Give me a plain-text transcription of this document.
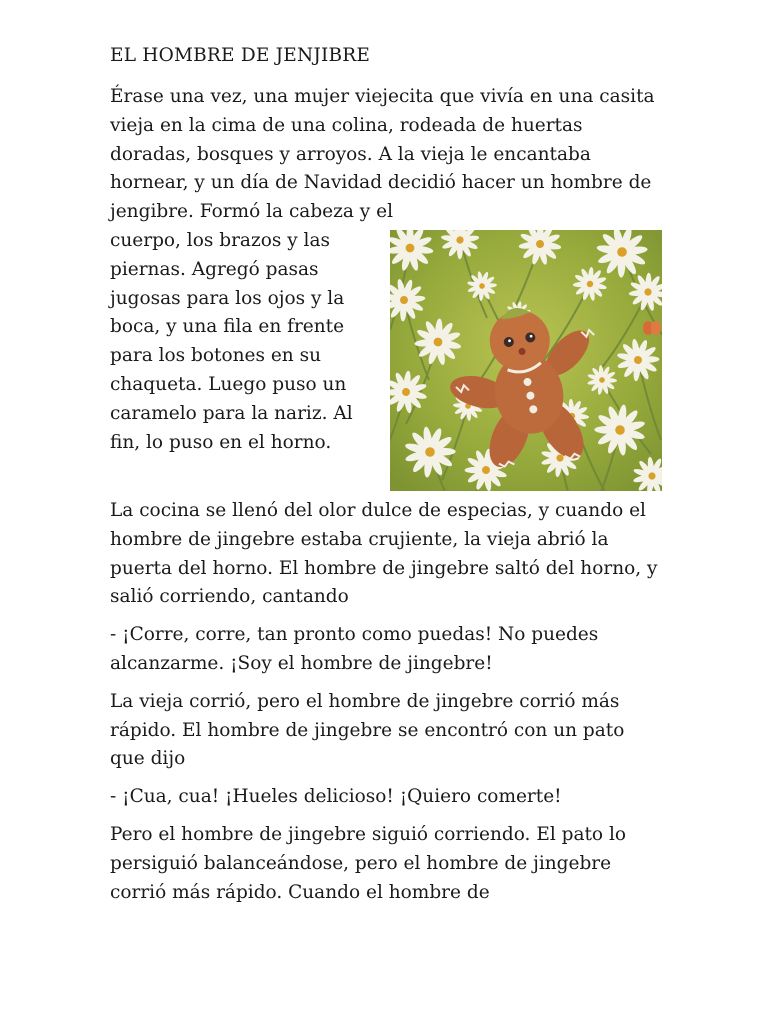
EL HOMBRE DE JENJIBRE

Érase una vez, una mujer viejecita que vivía en una casita vieja en la cima de una colina, rodeada de huertas doradas, bosques y arroyos. A la vieja le encantaba hornear, y un día de Navidad decidió hacer un hombre de jengibre. Formó la cabeza y el

cuerpo, los brazos y las piernas. Agregó pasas jugosas para los ojos y la boca, y una fila en frente para los botones en su chaqueta. Luego puso un caramelo para la nariz. Al fin, lo puso en el horno.

La cocina se llenó del olor dulce de especias, y cuando el hombre de jingebre estaba crujiente, la vieja abrió la puerta del horno. El hombre de jingebre saltó del horno, y salió corriendo, cantando

- ¡Corre, corre, tan pronto como puedas! No puedes alcanzarme. ¡Soy el hombre de jingebre!

La vieja corrió, pero el hombre de jingebre corrió más rápido. El hombre de jingebre se encontró con un pato que dijo

- ¡Cua, cua! ¡Hueles delicioso! ¡Quiero comerte!

Pero el hombre de jingebre siguió corriendo. El pato lo persiguió balanceándose, pero el hombre de jingebre corrió más rápido. Cuando el hombre de
